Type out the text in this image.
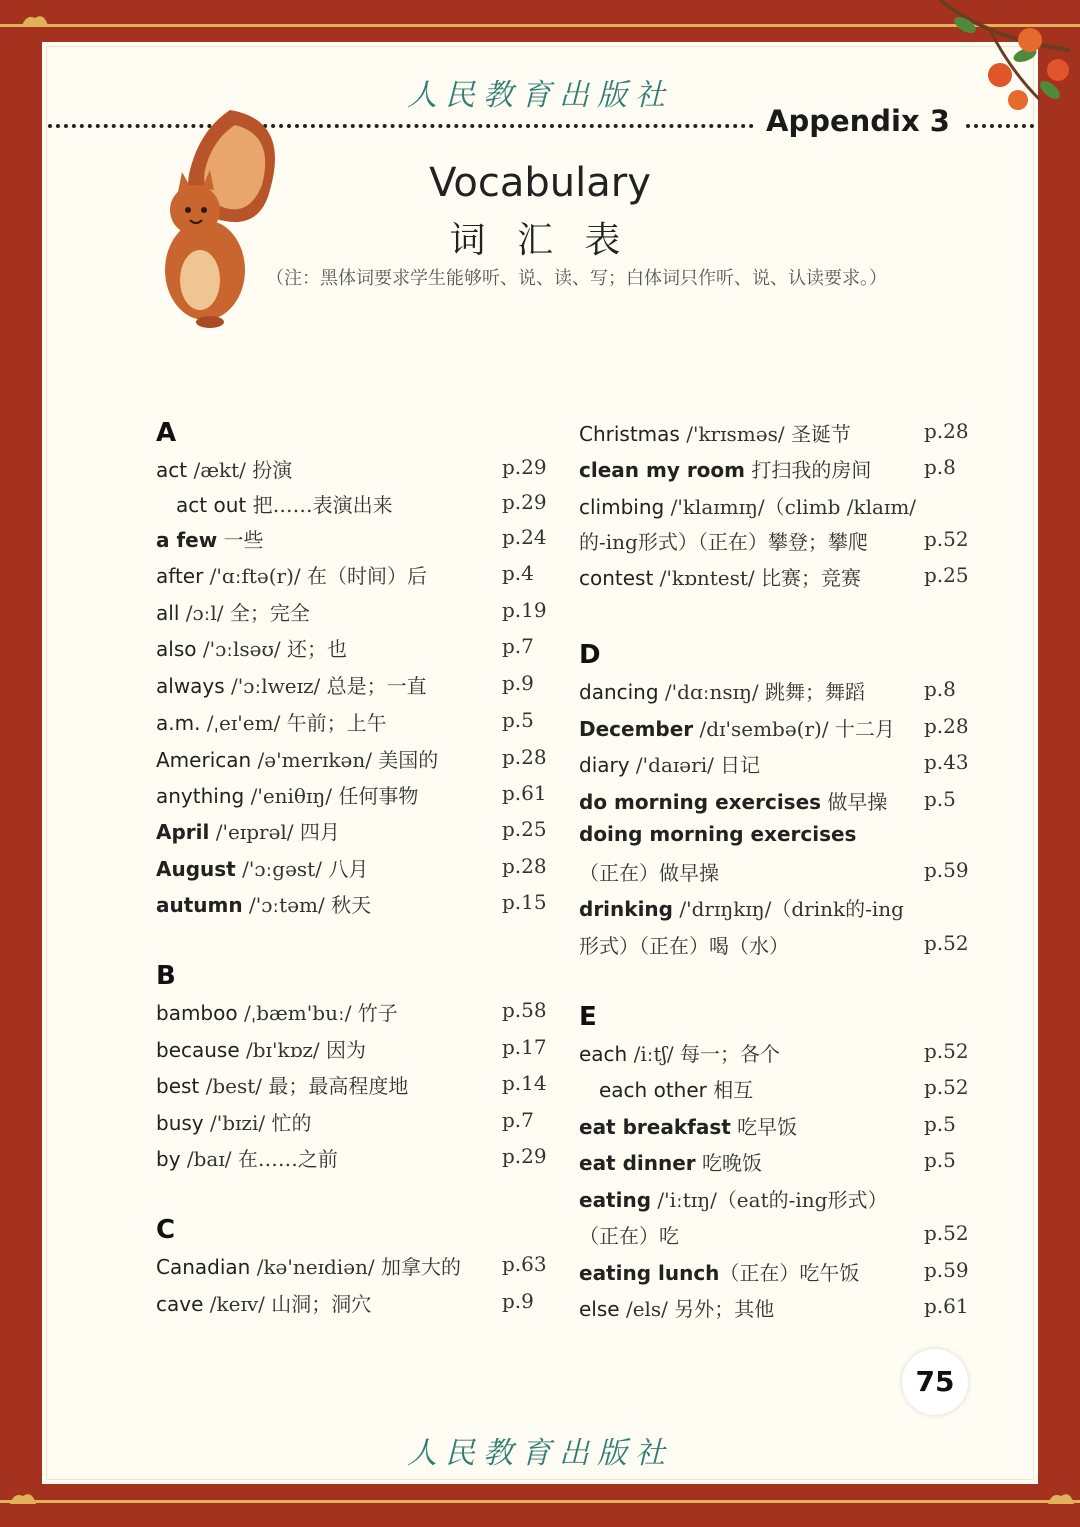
人民教育出版社
人民教育出版社
Appendix 3
Vocabulary
词 汇 表
（注：黑体词要求学生能够听、说、读、写；白体词只作听、说、认读要求。）
A
act /ækt/ 扮演	p.29
act out 把……表演出来	p.29
a few 一些	p.24
after /'ɑːftə(r)/ 在（时间）后	p.4
all /ɔːl/ 全；完全	p.19
also /'ɔːlsəʊ/ 还；也	p.7
always /'ɔːlweɪz/ 总是；一直	p.9
a.m. /ˌeɪ'em/ 午前；上午	p.5
American /ə'merɪkən/ 美国的	p.28
anything /'eniθɪŋ/ 任何事物	p.61
April /'eɪprəl/ 四月	p.25
August /'ɔːgəst/ 八月	p.28
autumn /'ɔːtəm/ 秋天	p.15
B
bamboo /ˌbæm'buː/ 竹子	p.58
because /bɪ'kɒz/ 因为	p.17
best /best/ 最；最高程度地	p.14
busy /'bɪzi/ 忙的	p.7
by /baɪ/ 在……之前	p.29
C
Canadian /kə'neɪdiən/ 加拿大的 p.63
cave /keɪv/ 山洞；洞穴	p.9
Christmas /'krɪsməs/ 圣诞节	p.28
clean my room 打扫我的房间	p.8
climbing /'klaɪmɪŋ/（climb /klaɪm/
的-ing形式）（正在）攀登；攀爬	p.52
contest /'kɒntest/ 比赛；竞赛	p.25
D
dancing /'dɑːnsɪŋ/ 跳舞；舞蹈	p.8
December /dɪ'sembə(r)/ 十二月 p.28
diary /'daɪəri/ 日记	p.43
do morning exercises 做早操 p.5
doing morning exercises
（正在）做早操	p.59
drinking /'drɪŋkɪŋ/（drink的-ing
形式）（正在）喝（水）	p.52
E
each /iːtʃ/ 每一；各个	p.52
each other 相互	p.52
eat breakfast 吃早饭	p.5
eat dinner 吃晚饭	p.5
eating /'iːtɪŋ/（eat的-ing形式）
（正在）吃	p.52
eating lunch（正在）吃午饭	p.59
else /els/ 另外；其他	p.61
75
